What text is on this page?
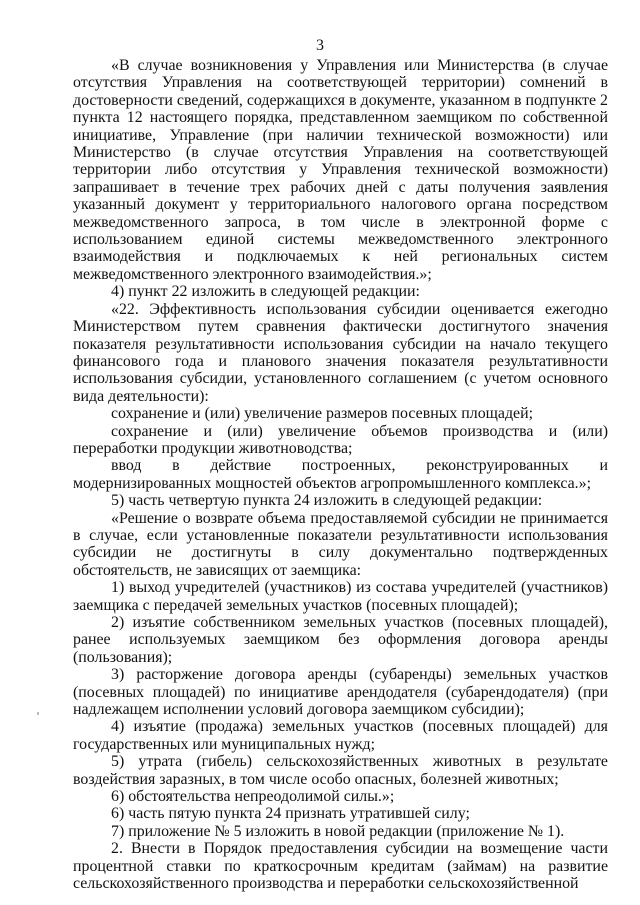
3

«В случае возникновения у Управления или Министерства (в случае отсутствия Управления на соответствующей территории) сомнений в достоверности сведений, содержащихся в документе, указанном в подпункте 2 пункта 12 настоящего порядка, представленном заемщиком по собственной инициативе, Управление (при наличии технической возможности) или Министерство (в случае отсутствия Управления на соответствующей территории либо отсутствия у Управления технической возможности) запрашивает в течение трех рабочих дней с даты получения заявления указанный документ у территориального налогового органа посредством межведомственного запроса, в том числе в электронной форме с использованием единой системы межведомственного электронного взаимодействия и подключаемых к ней региональных систем межведомственного электронного взаимодействия.»;

4) пункт 22 изложить в следующей редакции:

«22. Эффективность использования субсидии оценивается ежегодно Министерством путем сравнения фактически достигнутого значения показателя результативности использования субсидии на начало текущего финансового года и планового значения показателя результативности использования субсидии, установленного соглашением (с учетом основного вида деятельности):

сохранение и (или) увеличение размеров посевных площадей;

сохранение и (или) увеличение объемов производства и (или) переработки продукции животноводства;

ввод в действие построенных, реконструированных и модернизированных мощностей объектов агропромышленного комплекса.»;

5) часть четвертую пункта 24 изложить в следующей редакции:

«Решение о возврате объема предоставляемой субсидии не принимается в случае, если установленные показатели результативности использования субсидии не достигнуты в силу документально подтвержденных обстоятельств, не зависящих от заемщика:

1) выход учредителей (участников) из состава учредителей (участников) заемщика с передачей земельных участков (посевных площадей);

2) изъятие собственником земельных участков (посевных площадей), ранее используемых заемщиком без оформления договора аренды (пользования);

3) расторжение договора аренды (субаренды) земельных участков (посевных площадей) по инициативе арендодателя (субарендодателя) (при надлежащем исполнении условий договора заемщиком субсидии);

4) изъятие (продажа) земельных участков (посевных площадей) для государственных или муниципальных нужд;

5) утрата (гибель) сельскохозяйственных животных в результате воздействия заразных, в том числе особо опасных, болезней животных;

6) обстоятельства непреодолимой силы.»;

6) часть пятую пункта 24 признать утратившей силу;

7) приложение № 5 изложить в новой редакции (приложение № 1).

2. Внести в Порядок предоставления субсидии на возмещение части процентной ставки по краткосрочным кредитам (займам) на развитие сельскохозяйственного производства и переработки сельскохозяйственной
